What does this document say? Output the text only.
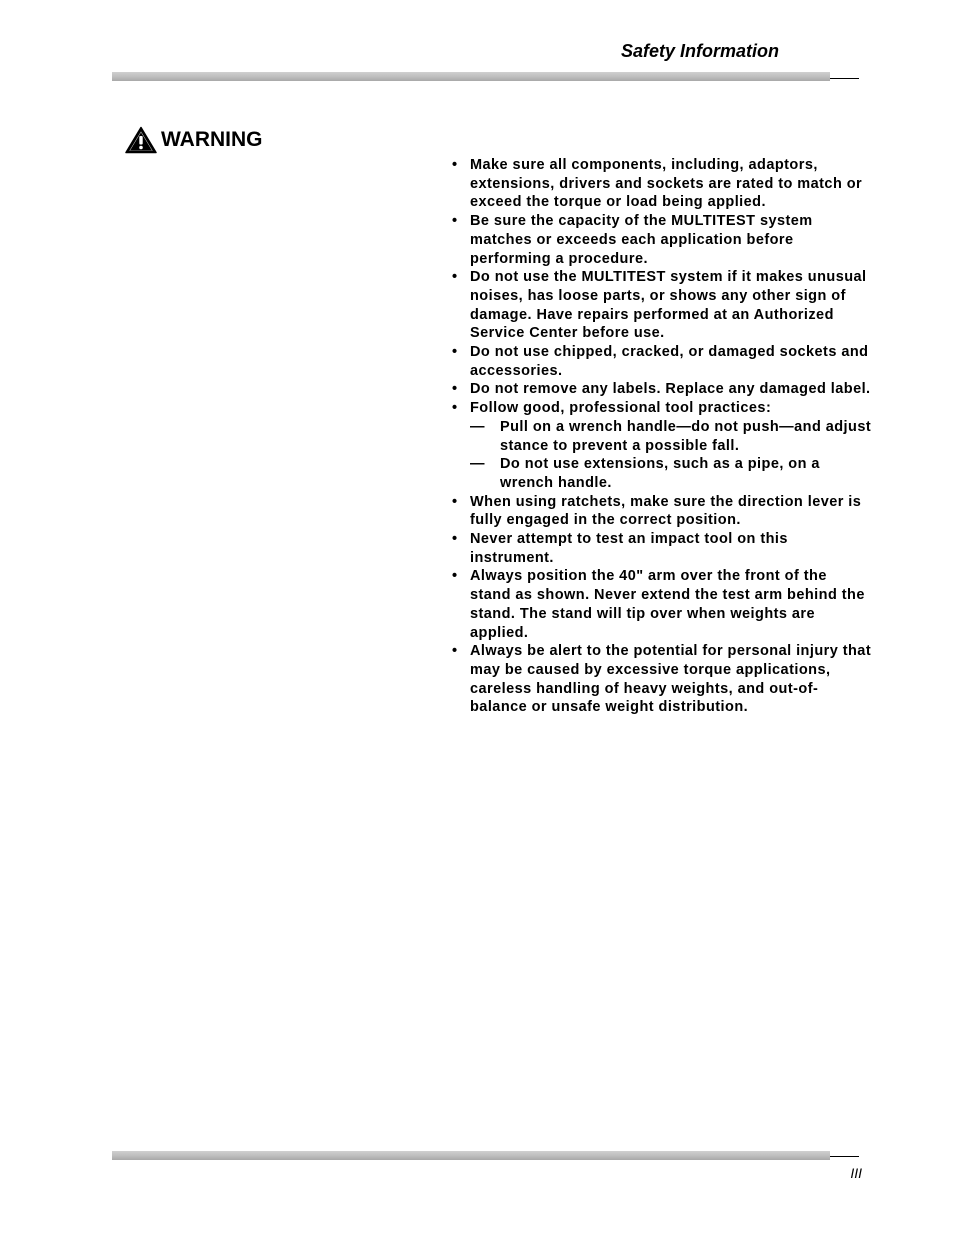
Safety Information
WARNING
• Make sure all components, including, adaptors, extensions, drivers and sockets are rated to match or exceed the torque or load being applied.
• Be sure the capacity of the MULTITEST system matches or exceeds each application before performing a procedure.
• Do not use the MULTITEST system if it makes unusual noises, has loose parts, or shows any other sign of damage. Have repairs performed at an Authorized Service Center before use.
• Do not use chipped, cracked, or damaged sockets and accessories.
• Do not remove any labels. Replace any damaged label.
• Follow good, professional tool practices:
— Pull on a wrench handle—do not push—and adjust stance to prevent a possible fall.
— Do not use extensions, such as a pipe, on a wrench handle.
• When using ratchets, make sure the direction lever is fully engaged in the correct position.
• Never attempt to test an impact tool on this instrument.
• Always position the 40" arm over the front of the stand as shown. Never extend the test arm behind the stand. The stand will tip over when weights are applied.
• Always be alert to the potential for personal injury that may be caused by excessive torque applications, careless handling of heavy weights, and out-of-balance or unsafe weight distribution.
III
